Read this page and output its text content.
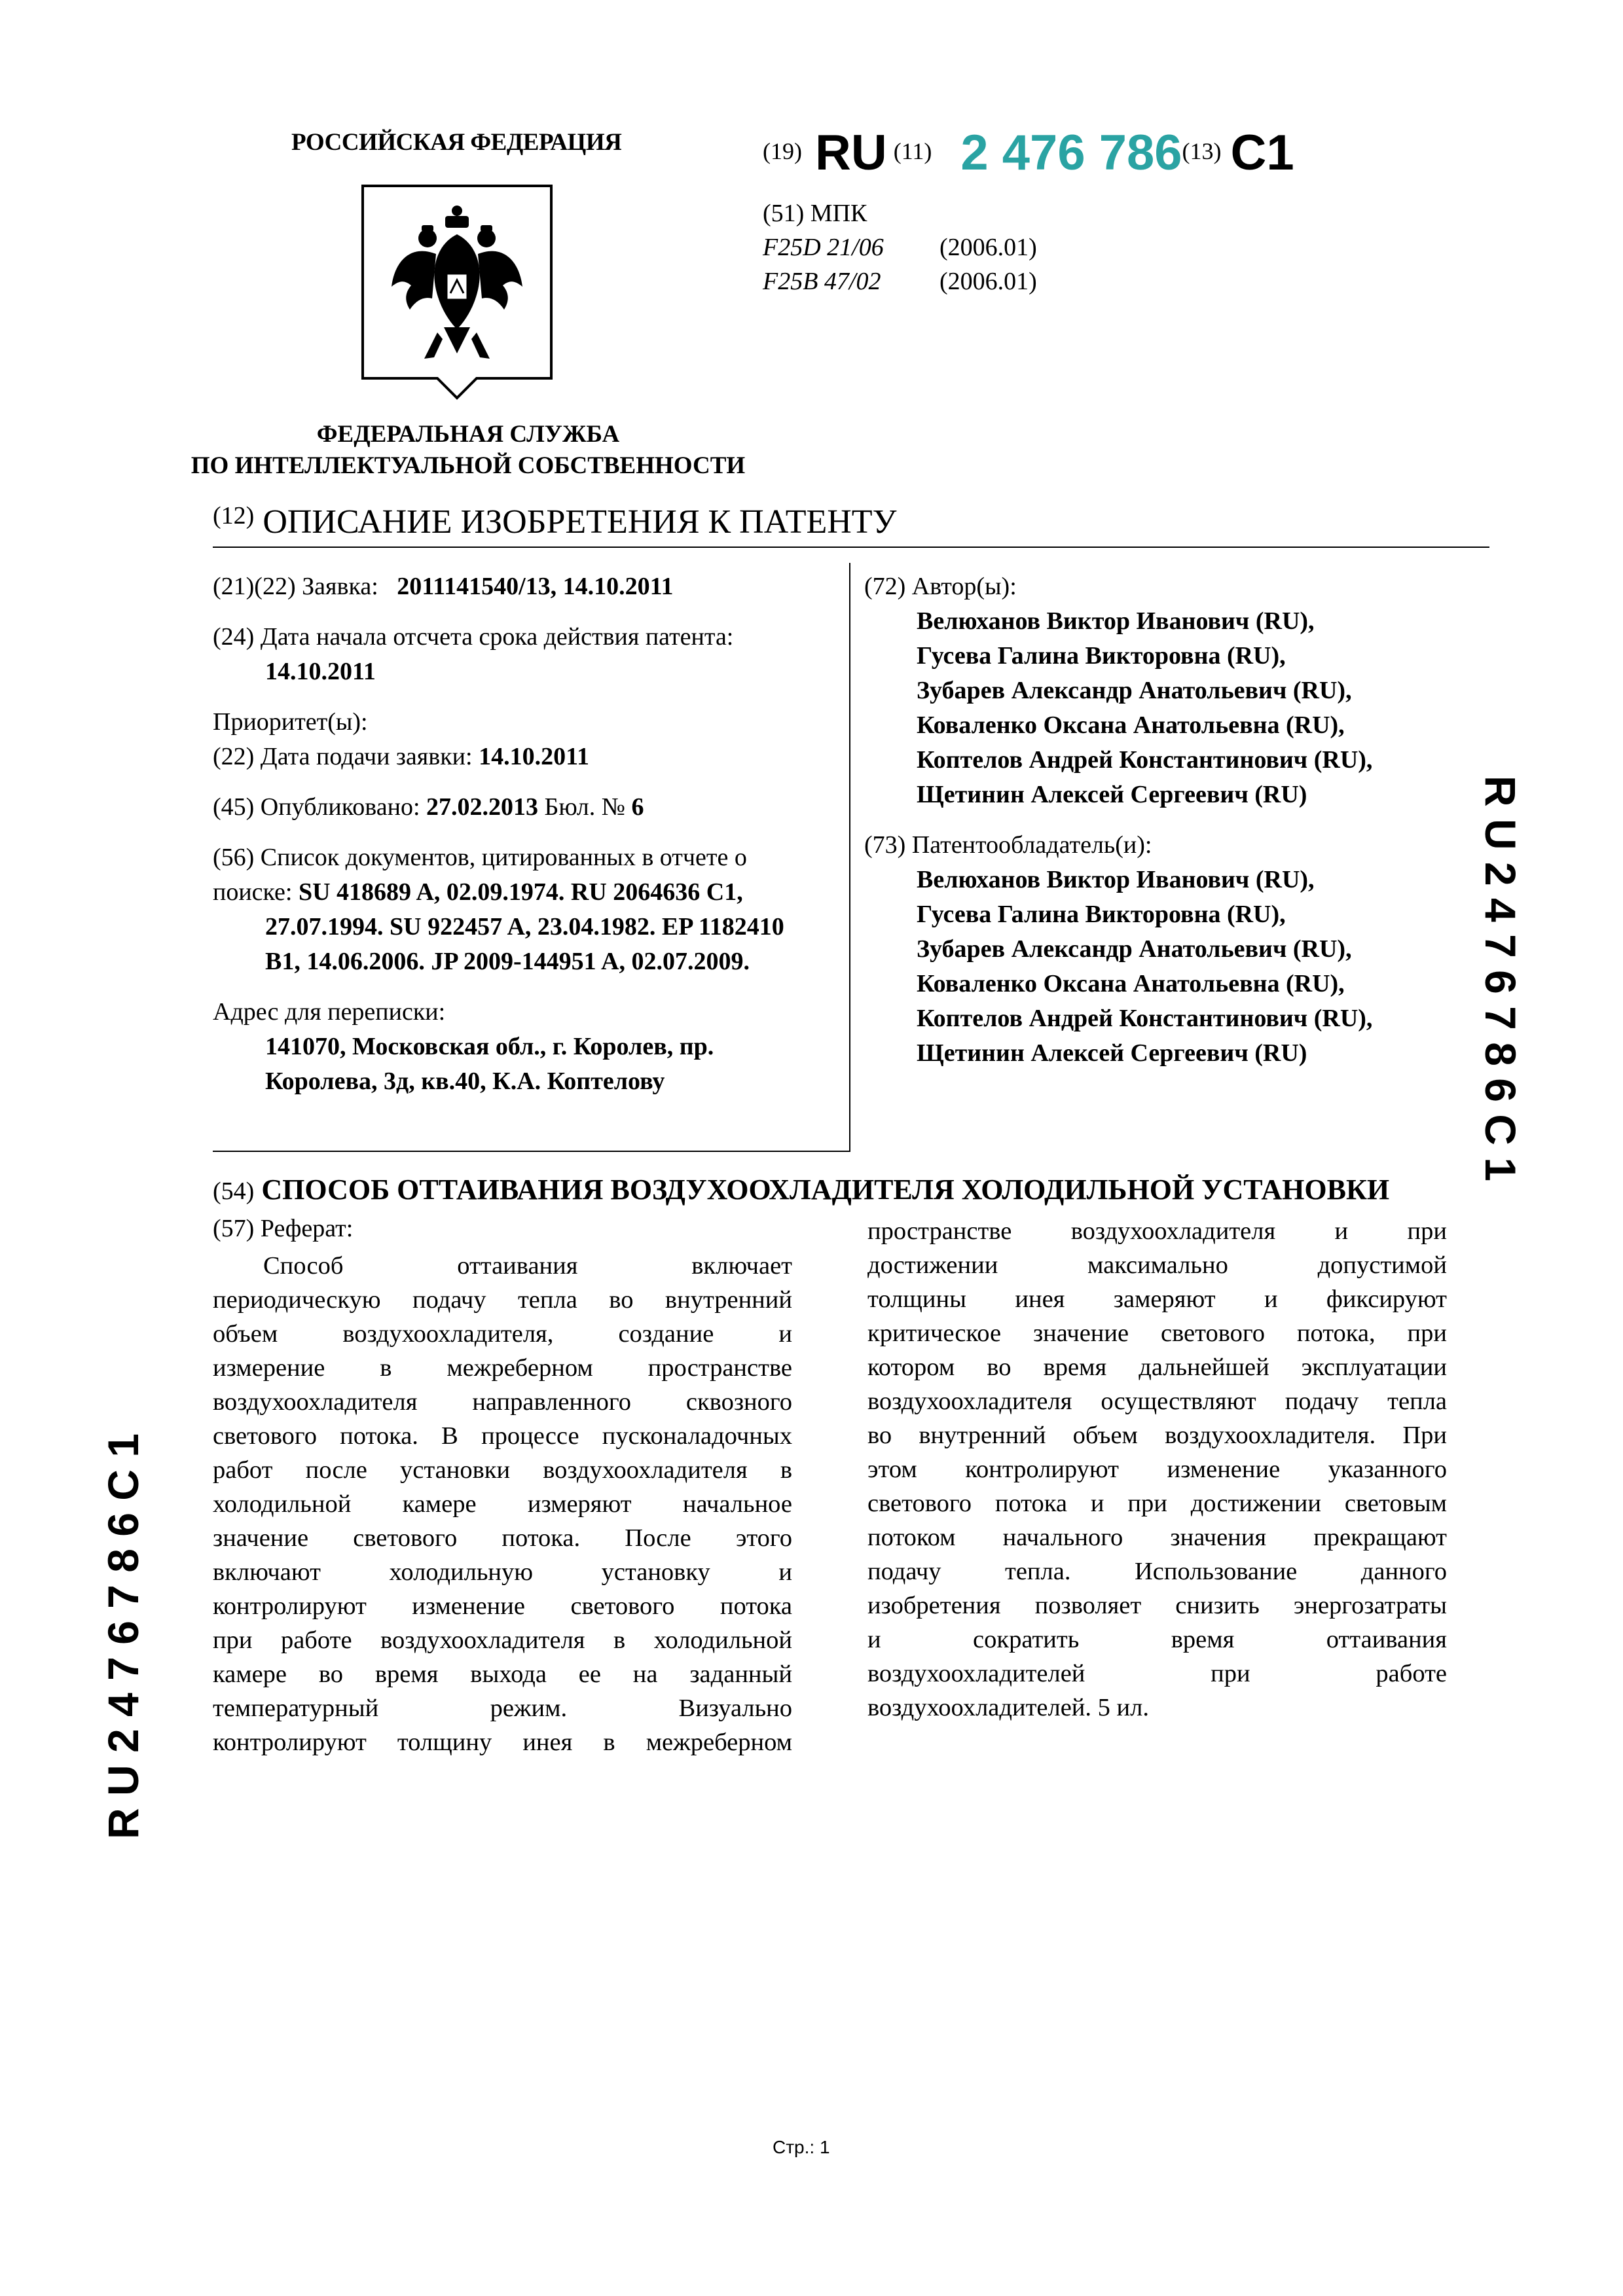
РОССИЙСКАЯ ФЕДЕРАЦИЯ
ФЕДЕРАЛЬНАЯ СЛУЖБА
ПО ИНТЕЛЛЕКТУАЛЬНОЙ СОБСТВЕННОСТИ
(19) RU (11) 2 476 786(13) C1
(51) МПК
F25D 21/06 (2006.01)
F25B 47/02 (2006.01)
$^{(12)}$ ОПИСАНИЕ ИЗОБРЕТЕНИЯ К ПАТЕНТУ
(21)(22) Заявка: 2011141540/13, 14.10.2011
(24) Дата начала отсчета срока действия патента:
14.10.2011
Приоритет(ы):
(22) Дата подачи заявки: 14.10.2011
(45) Опубликовано: 27.02.2013 Бюл. № 6
(56) Список документов, цитированных в отчете о
поиске: SU 418689 A, 02.09.1974. RU 2064636 C1,
27.07.1994. SU 922457 A, 23.04.1982. EP 1182410
B1, 14.06.2006. JP 2009-144951 A, 02.07.2009.
Адрес для переписки:
141070, Московская обл., г. Королев, пр.
Королева, 3д, кв.40, К.А. Коптелову
(72) Автор(ы):
Велюханов Виктор Иванович (RU),
Гусева Галина Викторовна (RU),
Зубарев Александр Анатольевич (RU),
Коваленко Оксана Анатольевна (RU),
Коптелов Андрей Константинович (RU),
Щетинин Алексей Сергеевич (RU)
(73) Патентообладатель(и):
Велюханов Виктор Иванович (RU),
Гусева Галина Викторовна (RU),
Зубарев Александр Анатольевич (RU),
Коваленко Оксана Анатольевна (RU),
Коптелов Андрей Константинович (RU),
Щетинин Алексей Сергеевич (RU)	R U 2 4 7 6 7 8 6 C 1
R U 2 4 7 6 7 8 6 C 1
(54) СПОСОБ ОТТАИВАНИЯ ВОЗДУХООХЛАДИТЕЛЯ ХОЛОДИЛЬНОЙ УСТАНОВКИ
(57) Реферат:

  Способ оттаивания включает

периодическую подачу тепла во внутренний

объем воздухоохладителя, создание и

измерение в межреберном пространстве

воздухоохладителя направленного сквозного

светового потока. В процессе пусконаладочных

работ после установки воздухоохладителя в

холодильной камере измеряют начальное

значение светового потока. После этого

включают холодильную установку и

контролируют изменение светового потока

при работе воздухоохладителя в холодильной

камере во время выхода ее на заданный

температурный режим. Визуально

контролируют толщину инея в межреберном

пространстве воздухоохладителя и при

достижении максимально допустимой

толщины инея замеряют и фиксируют

критическое значение светового потока, при

котором во время дальнейшей эксплуатации

воздухоохладителя осуществляют подачу тепла

во внутренний объем воздухоохладителя. При

этом контролируют изменение указанного

светового потока и при достижении световым

потоком начального значения прекращают

подачу тепла. Использование данного

изобретения позволяет снизить энергозатраты

и сократить время оттаивания

воздухоохладителей при работе

воздухоохладителей. 5 ил.

Стр.: 1
